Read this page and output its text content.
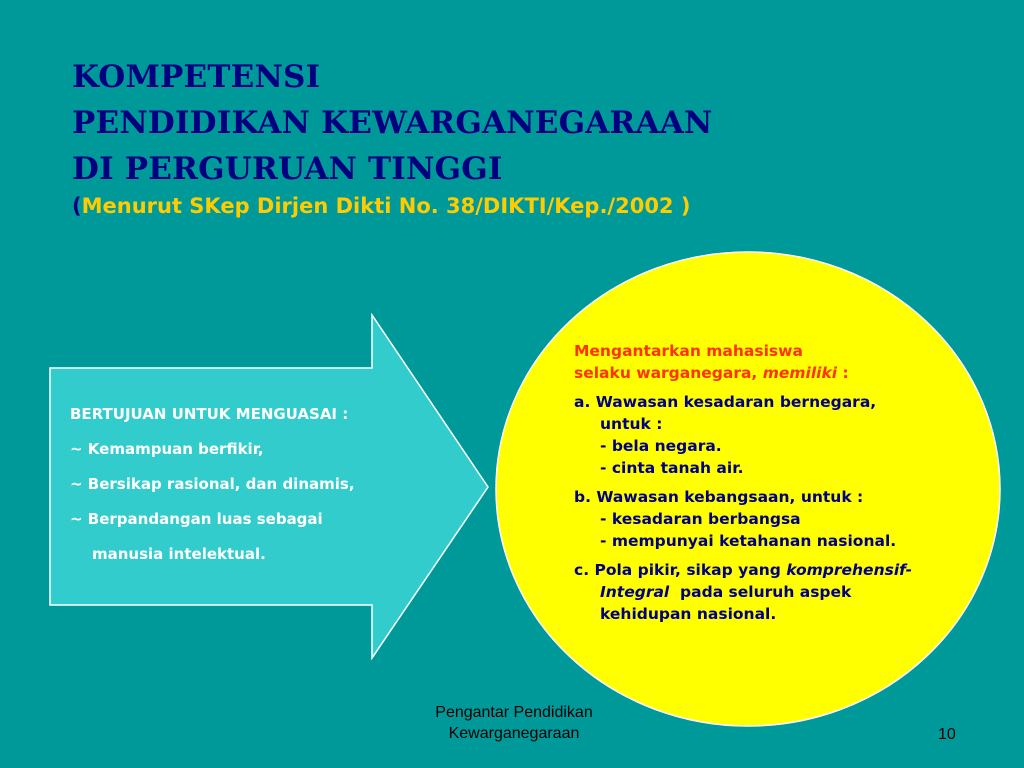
KOMPETENSI
PENDIDIKAN KEWARGANEGARAAN
DI PERGURUAN TINGGI
(Menurut SKep Dirjen Dikti No. 38/DIKTI/Kep./2002 )
BERTUJUAN UNTUK MENGUASAI :
~ Kemampuan berfikir,
~ Bersikap rasional, dan dinamis,
~ Berpandangan luas sebagai
manusia intelektual.
Mengantarkan mahasiswa
selaku warganegara, memiliki :
a. Wawasan kesadaran bernegara,
untuk :
- bela negara.
- cinta tanah air.
b. Wawasan kebangsaan, untuk :
- kesadaran berbangsa
- mempunyai ketahanan nasional.
c. Pola pikir, sikap yang komprehensif-
Integral  pada seluruh aspek
kehidupan nasional.
Pengantar Pendidikan
Kewarganegaraan	10
